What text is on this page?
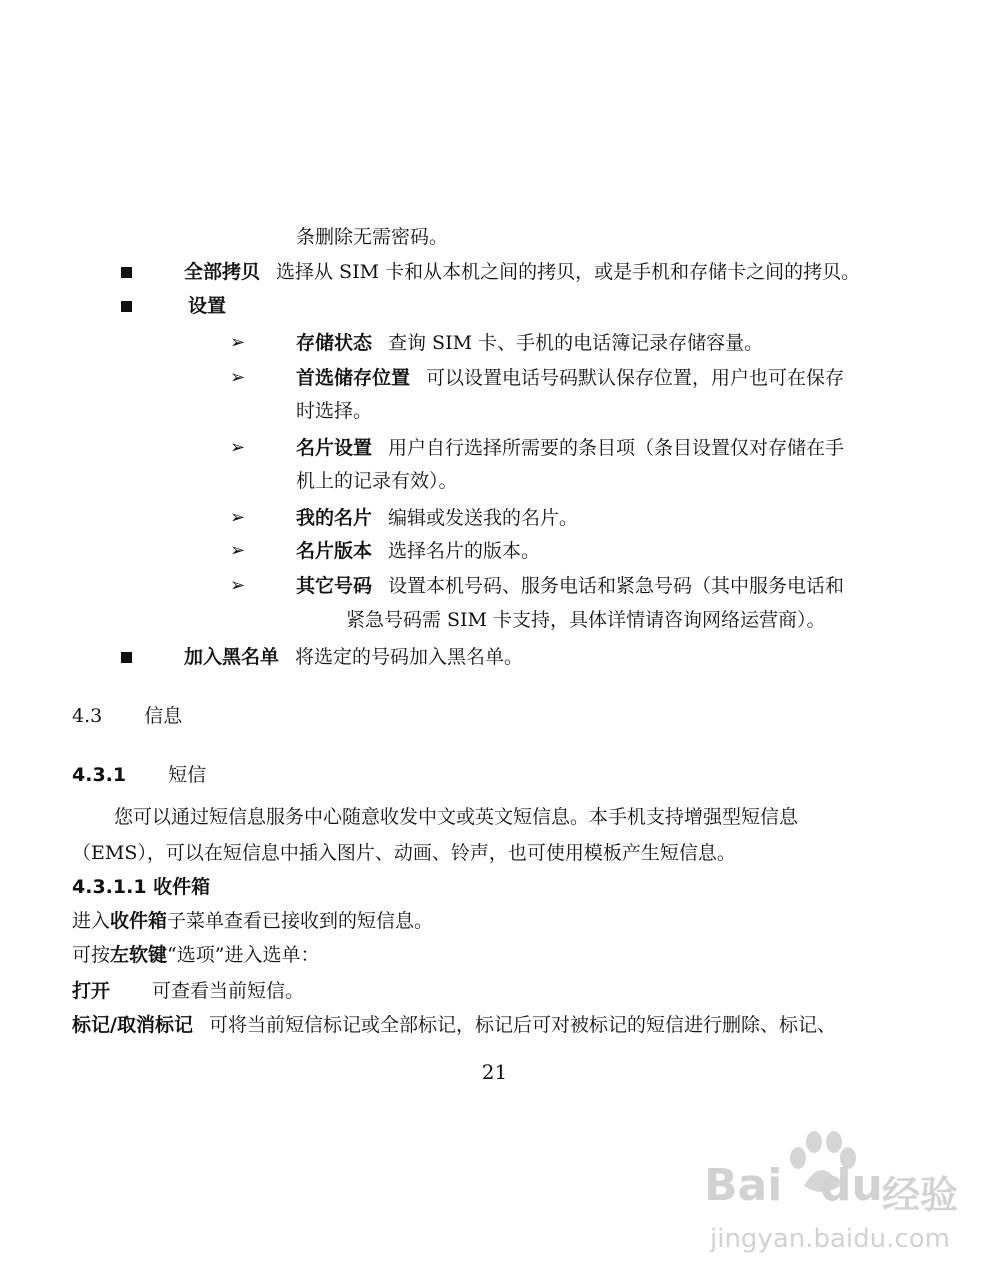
条删除无需密码。
全部拷贝 选择从 SIM 卡和从本机之间的拷贝，或是手机和存储卡之间的拷贝。
设置
➢	存储状态 查询 SIM 卡、手机的电话簿记录存储容量。
➢	首选储存位置 可以设置电话号码默认保存位置，用户也可在保存
时选择。
➢	名片设置 用户自行选择所需要的条目项（条目设置仅对存储在手
机上的记录有效）。
➢	我的名片 编辑或发送我的名片。
➢	名片版本 选择名片的版本。
➢	其它号码 设置本机号码、服务电话和紧急号码（其中服务电话和
紧急号码需 SIM 卡支持，具体详情请咨询网络运营商）。
加入黑名单 将选定的号码加入黑名单。
4.3 信息
4.3.1 短信
您可以通过短信息服务中心随意收发中文或英文短信息。本手机支持增强型短信息
（EMS），可以在短信息中插入图片、动画、铃声，也可使用模板产生短信息。
4.3.1.1 收件箱
进入收件箱子菜单查看已接收到的短信息。
可按左软键“选项”进入选单：
打开 可查看当前短信。
标记/取消标记 可将当前短信标记或全部标记，标记后可对被标记的短信进行删除、标记、
21
Bai du 经验
jingyan.baidu.com
